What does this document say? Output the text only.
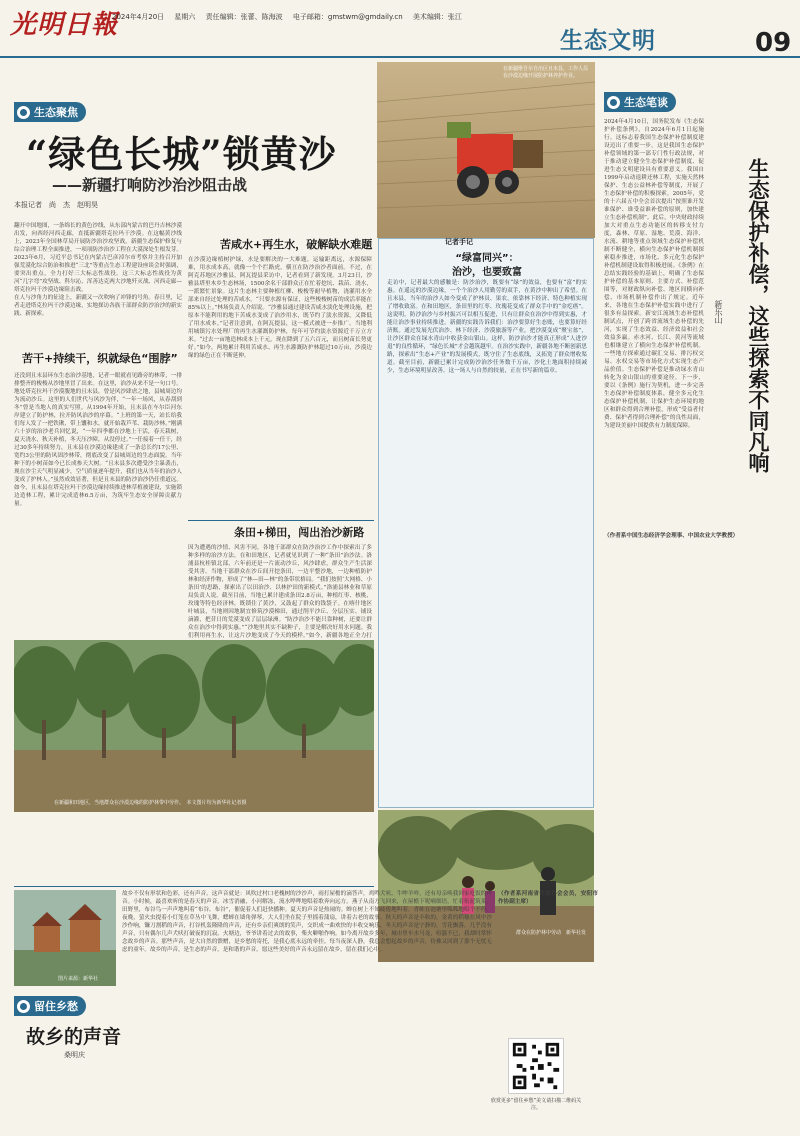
光明日報
2024年4月20日 星期六 责任编辑：张蕾、陈海波 电子邮箱：gmstwm@gmdaily.cn 美术编辑：张江
生态文明	09
在新疆维吾尔自治区且末县，工作人员在沙漠边缘开展防护林养护作业。
生态聚焦
“绿色长城”锁黄沙
——新疆打响防沙治沙阻击战
本报记者　尚　杰　赵明昊
翻开中国地图，一条绵长的黄色沙线，从东部内蒙古的巴丹吉林沙漠出发，向西经河西走廊，直抵新疆塔克拉玛干沙漠。在这幅黄沙线上，2023年全国林草局开展防沙治沙攻坚战，新疆生态保护修复与综合治理工程全面推进，一项项防沙治沙工程在大漠深处生根发芽。2023年6月，习近平总书记在内蒙古巴彦淖尔市考察并主持召开加强荒漠化综合防治和推进“三北”等重点生态工程建设座谈会时强调，要突出重点，全力打好三大标志性战役。这三大标志性战役为黄河“几字弯”攻坚战、科尔沁、浑善达克两大沙地歼灭战、河西走廊—塔克拉玛干沙漠边缘阻击战。
在人与沙角力的征途上，新疆又一次吹响了冲锋的号角。春日里，记者走进塔克拉玛干沙漠边缘，实地探访各族干部群众防沙治沙的新实践、新探索。
苦干+持续干，织就绿色“围脖”
还没到且末县环东生态治沙基地，记者一眼就看见路旁的林带，一排排整齐的梭梭从沙地里冒了出来。在这里，治沙从来不是一句口号。地处塔克拉玛干沙漠腹地的且末县，曾是风沙肆虐之地，县城周边均为流动沙丘。这里的人们世代与风沙为伴，“一年一场风，从春刮到冬”曾是当地人的真实写照。从1994年开始，且末县在车尔臣河东岸建立了防护林，拉开防风治沙的序幕。“上班的第一天，站长给我们每人发了一把铁锹，带上馕和水，就开始栽芦苇、栽防沙林。”刚满六十岁的治沙老兵回忆说，“一年四季都在沙地上干活，春天栽树，夏天浇水，秋天补植，冬天压沙障，从没停过。”一任接着一任干，经过30多年持续努力，且末县在沙漠边缘建成了一条总长约17公里、宽约3公里的防风固沙林带，彻底改变了县城周边的生态面貌。当年种下的小树苗如今已长成参天大树。“且末县多次遭受沙尘暴袭击，现在沙尘天气明显减少，空气质量逐年提升，我们也从当年的治沙人变成了护林人。”虽然成效显著，但是且末县的防沙治沙仍任重道远。如今，且末县在塔克拉玛干沙漠边缘持续推进林草植被建设，实施锁边造林工程，累计完成造林6.5万亩，为筑牢生态安全屏障贡献力量。
苦咸水+再生水，破解缺水难题
在沙漠边缘植树护绿，水是要解决的一大难题。运输距离远，水源保障难，用水成本高，就像一个个拦路虎，横亘在防沙治沙者面前。不过，在阿克苏地区沙雅县，阿瓦提县采访中，记者看到了新发现。3月23日，沙雅县塔里木乡生态林场，1500余名干部群众正在忙着挖坑、栽苗、浇水，一派繁忙景象。这片生态林主要种植红柳、梭梭等耐旱植物，浇灌用水全部来自经过处理的苦咸水。“只要水源有保证，这些梭梭树苗的成活率能在85%以上。”林场负责人介绍说。“沙雅县通过建设苦咸水淡化处理设施，把原本不能利用的地下苦咸水变成了治沙用水，既节约了淡水资源，又降低了用水成本。”记者注意到，在阿瓦提县，这一模式被进一步推广。当地利用城镇污水处理厂的再生水灌溉防护林，每年可节约淡水资源近千万立方米。“过去一亩地造林成本上千元，现在降到了五六百元，而且树苗长势更好。”如今，两地累计利用苦咸水、再生水灌溉防护林超过10万亩，沙漠边缘的绿色正在不断延伸。
条田+梯田，闯出治沙新路
因为遭遇的沙情、风害不同，各地干部群众在防沙治沙工作中探索出了多种多样的治沙方法。在和田地区，记者就见识到了一种“条田”治沙法。洛浦县杭桂镇北部，六年前还是一片流动沙丘，风沙肆虐，群众生产生活深受其害。当地干部群众在沙丘间开挖条田，一边平整沙地，一边种植防护林和经济作物，形成了“林—田—林”的条带状格局。“我们按照‘大网格、小条田’的思路，探索出了以田治沙、以林护田的新模式。”洛浦县林业和草原局负责人说。截至目前，当地已累计建成条田2.8万亩，种植红枣、核桃、玫瑰等特色经济林，既锁住了黄沙，又鼓起了群众的钱袋子。在喀什地区叶城县，当地则因地制宜修筑沙漠梯田，通过削平沙丘、分层压实、铺设滴灌，把昔日的荒漠变成了层层绿洲。“防沙治沙不能只靠种树，还要让群众在治沙中得到实惠。”“沙地里其实不缺种子，主要是解决好用水问题。我们利用再生水，让这片沙地变成了今天的模样。”如今，新疆各地正全力打
记者手记
“绿富同兴”：
治沙，也要致富
走访中，记者最大的感触是：防沙治沙，既要有“绿”的效益，也要有“富”的实惠。在遥远的沙漠边缘，一个个治沙人用勤劳的双手，在黄沙中种出了希望。在且末县，当年的治沙人如今变成了护林员、果农，依靠林下经济、特色种植实现了增收致富。在和田地区，条田里的红枣、玫瑰花变成了群众手中的“金疙瘩”。这说明，防沙治沙与乡村振兴可以相互促进，只有让群众在治沙中得到实惠，才能让治沙事业持续推进。新疆的实践告诉我们：治沙要算好生态账，也要算好经济账。通过发展光伏治沙、林下经济、沙漠旅游等产业，把沙漠变成“聚宝盆”，让沙区群众在绿水青山中收获金山银山。这样，防沙治沙才能真正形成“人进沙退”的良性循环，“绿色长城”才会越筑越牢。在治沙实践中，新疆各地不断创新思路，探索出“生态+产业”的发展模式，既守住了生态底线，又拓宽了群众增收渠道。截至目前，新疆已累计完成防沙治沙任务数千万亩，沙化土地面积持续减少，生态环境明显改善。这一场人与自然的较量，正在书写新的篇章。
在新疆和田地区，当地群众在沙漠边缘的防护林带中劳作。　本文图片均为新华社记者摄
群众在防护林中劳动　新华社发
生态笔谈
生态保护补偿，这些探索不同凡响
新乐山
2024年4月10日，国务院发布《生态保护补偿条例》，自2024年6月1日起施行。这标志着我国生态保护补偿制度建设迈出了重要一步。这是我国生态保护补偿领域的第一部专门性行政法规，对于推动建立健全生态保护补偿制度、促进生态文明建设具有重要意义。我国自1999年启动退耕还林工程，实施天然林保护、生态公益林补偿等制度，开展了生态保护补偿的积极探索。2005年，党的十六届五中全会首次提出“按照谁开发谁保护、谁受益谁补偿的原则，加快建立生态补偿机制”。此后，中央财政持续加大对重点生态功能区的转移支付力度，森林、草原、湿地、荒漠、海洋、水流、耕地等重点领域生态保护补偿机制不断健全，横向生态保护补偿机制探索稳步推进，市场化、多元化生态保护补偿机制建设取得积极进展。《条例》在总结实践经验的基础上，明确了生态保护补偿的基本原则、主要方式、补偿范围等，对财政纵向补偿、地区间横向补偿、市场机制补偿作出了规定。近年来，各地在生态保护补偿实践中进行了很多有益探索。新安江流域生态补偿机制试点，开创了跨省流域生态补偿的先河，实现了生态效益、经济效益和社会效益多赢。赤水河、长江、黄河等流域也相继建立了横向生态保护补偿机制。一些地方探索通过碳汇交易、排污权交易、水权交易等市场化方式实现生态产品价值。生态保护补偿是推动绿水青山转化为金山银山的重要途径。下一步，要以《条例》施行为契机，进一步完善生态保护补偿制度体系，健全多元化生态保护补偿机制，让保护生态环境的地区和群众得到合理补偿，形成“受益者付费、保护者得到合理补偿”的良性局面，为建设美丽中国提供有力制度保障。
（作者系中国生态经济学会理事、中国农业大学教授）
图片来源：新华社
留住乡愁
故乡的声音
桑明庆
故乡不仅有形状和色彩，还有声音。这声音就是：风吹过村口老槐树的沙沙声，雨打屋檐的滴答声，鸡鸣犬吠，牛哞羊咩，还有母亲唤我回家吃饭的声音。小时候，最喜欢听的是春天的声音。冰雪消融，小河解冻，流水哗哗地唱着歌奔向远方。燕子从南方飞回来，在屋檐下呢喃细语，忙着衔泥筑巢。田野里，布谷鸟一声声地叫着“布谷、布谷”，催促着人们赶快播种。夏天的声音是热闹的。蝉在树上不知疲倦地叫着，青蛙在池塘里呱呱地唱个不停。夜晚，萤火虫提着小灯笼在草丛中飞舞，蟋蟀在墙角弹琴，大人们坐在院子里摇着蒲扇，讲着古老的故事。秋天的声音是丰收的。金黄的稻穗在风中沙沙作响，镰刀割稻的声音，打谷机轰隆隆的声音，还有乡亲们爽朗的笑声，交织成一曲欢快的丰收交响乐。冬天的声音是宁静的。雪花飘落，几乎没有声音，只有偶尔几声犬吠打破夜的沉寂。火塘边，爷爷讲着过去的故事，柴火噼啪作响。如今离开故乡多年，城市里车水马龙，喧嚣不已，我却时常怀念故乡的声音。那些声音，是大自然的馈赠，是乡愁的寄托，是我心底永远的牵挂。每当夜深人静，我总会想起故乡的声音，仿佛又回到了那个无忧无虑的童年。故乡的声音，是生态的声音，是和谐的声音。愿这些美好的声音永远留在故乡，留在我们心中。
（作者系河南省作家协会会员，安阳市作协副主席）
欣赏更多“留住乡愁”美文请扫描二维码关注。
